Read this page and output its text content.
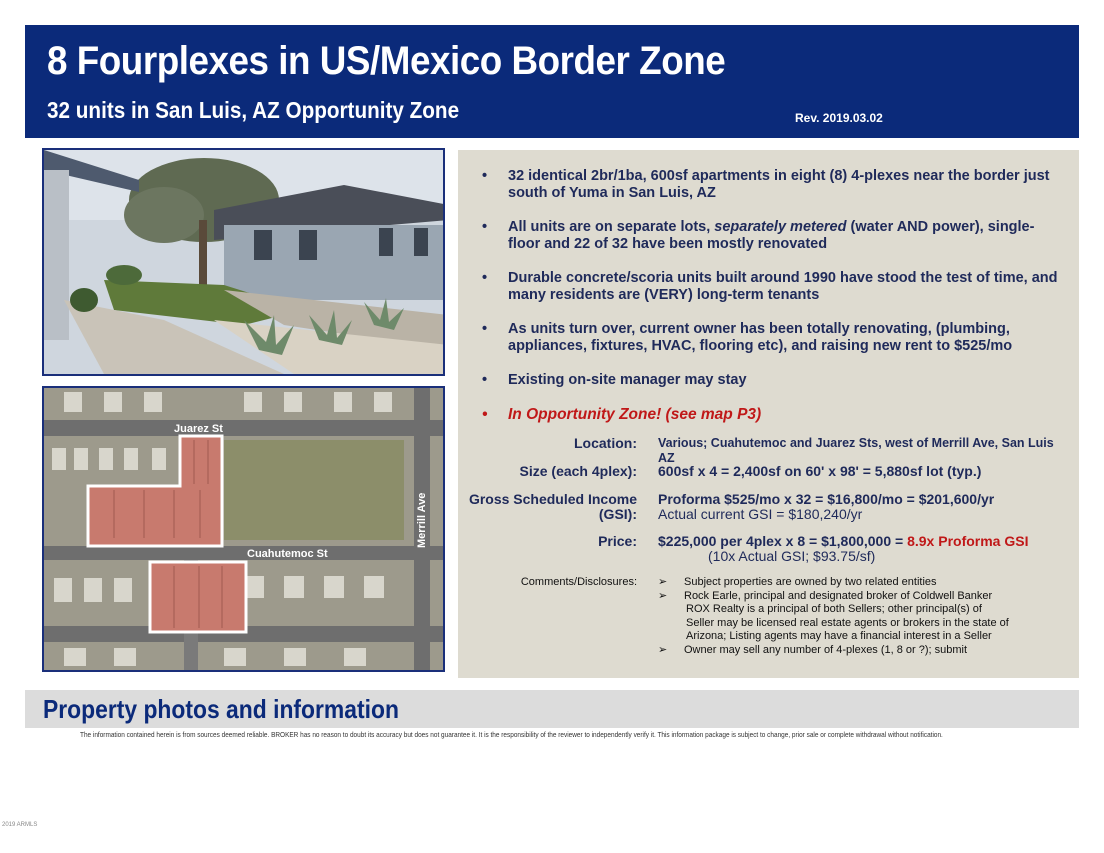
8 Fourplexes in US/Mexico Border Zone
32 units in San Luis, AZ Opportunity Zone	Rev. 2019.03.02
Juarez St
Cuahutemoc St
Merrill Ave
• 32 identical 2br/1ba, 600sf apartments in eight (8) 4-plexes near the border just south of Yuma in San Luis, AZ
• All units are on separate lots, separately metered (water AND power), single-floor and 22 of 32 have been mostly renovated
• Durable concrete/scoria units built around 1990 have stood the test of time, and many residents are (VERY) long-term tenants
• As units turn over, current owner has been totally renovating, (plumbing, appliances, fixtures, HVAC, flooring etc), and raising new rent to $525/mo
• Existing on-site manager may stay
• In Opportunity Zone! (see map P3)
Location: Various; Cuahutemoc and Juarez Sts, west of Merrill Ave, San Luis AZ
Size (each 4plex): 600sf x 4 = 2,400sf on 60' x 98' = 5,880sf lot (typ.)
Gross Scheduled Income
(GSI):
Proforma $525/mo x 32 = $16,800/mo = $201,600/yr
Actual current GSI = $180,240/yr
Price: $225,000 per 4plex x 8 = $1,800,000 = 8.9x Proforma GSI
(10x Actual GSI; $93.75/sf)
Comments/Disclosures: ➢ Subject properties are owned by two related entities
➢ Rock Earle, principal and designated broker of Coldwell Banker
ROX Realty is a principal of both Sellers; other principal(s) of
Seller may be licensed real estate agents or brokers in the state of
Arizona; Listing agents may have a financial interest in a Seller
➢ Owner may sell any number of 4-plexes (1, 8 or ?); submit
Property photos and information
The information contained herein is from sources deemed reliable. BROKER has no reason to doubt its accuracy but does not guarantee it. It is the responsibility of the reviewer to independently verify it. This information package is subject to change, prior sale or complete withdrawal without notification.
2019 ARMLS
